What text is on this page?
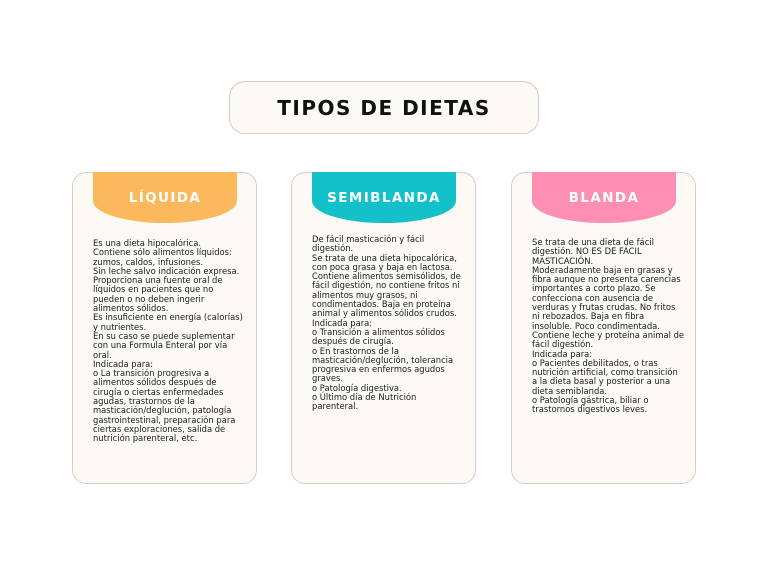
TIPOS DE DIETAS
LÍQUIDA
Es una dieta hipocalórica.
Contiene sólo alimentos líquidos: zumos, caldos, infusiones.
Sin leche salvo indicación expresa.
Proporciona una fuente oral de líquidos en pacientes que no pueden o no deben ingerir alimentos sólidos.
Es insuficiente en energía (calorías) y nutrientes.
En su caso se puede suplementar con una Formula Enteral por vía oral.
Indicada para:
o La transición progresiva a alimentos sólidos después de cirugía o ciertas enfermedades agudas, trastornos de la masticación/deglución, patología gastrointestinal, preparación para ciertas exploraciones, salida de nutrición parenteral, etc.
SEMIBLANDA
De fácil masticación y fácil digestión.
Se trata de una dieta hipocalórica, con poca grasa y baja en lactosa. Contiene alimentos semisólidos, de fácil digestión, no contiene fritos ni alimentos muy grasos, ni condimentados. Baja en proteína animal y alimentos sólidos crudos.
Indicada para:
o Transición a alimentos sólidos después de cirugía.
o En trastornos de la masticación/deglución, tolerancia progresiva en enfermos agudos graves.
o Patología digestiva.
o Último día de Nutrición parenteral.
BLANDA
Se trata de una dieta de fácil digestión. NO ES DE FÁCIL MASTICACIÓN.
Moderadamente baja en grasas y fibra aunque no presenta carencias importantes a corto plazo. Se confecciona con ausencia de verduras y frutas crudas. No fritos ni rebozados. Baja en fibra insoluble. Poco condimentada. Contiene leche y proteína animal de fácil digestión.
Indicada para:
o Pacientes debilitados, o tras nutrición artificial, como transición a la dieta basal y posterior a una dieta semiblanda.
o Patología gástrica, biliar o trastornos digestivos leves.
